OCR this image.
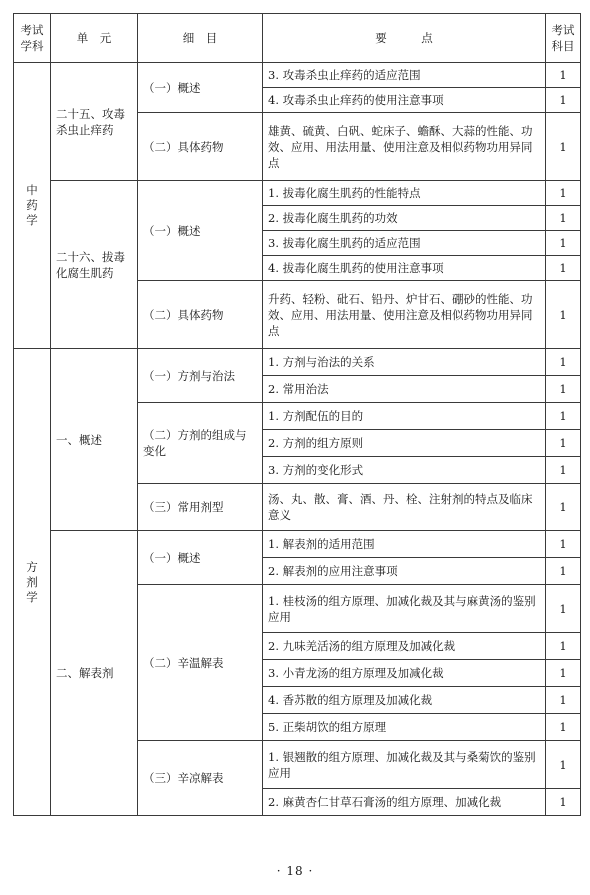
考试学科	单　元	细　目	要　　　点	考试科目

中药学	二十五、攻毒杀虫止痒药	（一）概述	3. 攻毒杀虫止痒药的适应范围	1
			4. 攻毒杀虫止痒药的使用注意事项	1
		（二）具体药物	雄黄、硫黄、白矾、蛇床子、蟾酥、大蒜的性能、功效、应用、用法用量、使用注意及相似药物功用异同点	1
	二十六、拔毒化腐生肌药	（一）概述	1. 拔毒化腐生肌药的性能特点	1
			2. 拔毒化腐生肌药的功效	1
			3. 拔毒化腐生肌药的适应范围	1
			4. 拔毒化腐生肌药的使用注意事项	1
		（二）具体药物	升药、轻粉、砒石、铅丹、炉甘石、硼砂的性能、功效、应用、用法用量、使用注意及相似药物功用异同点	1
方剂学	一、概述	（一）方剂与治法	1. 方剂与治法的关系	1
			2. 常用治法	1
		（二）方剂的组成与变化	1. 方剂配伍的目的	1
			2. 方剂的组方原则	1
			3. 方剂的变化形式	1
		（三）常用剂型	汤、丸、散、膏、酒、丹、栓、注射剂的特点及临床意义	1
	二、解表剂	（一）概述	1. 解表剂的适用范围	1
			2. 解表剂的应用注意事项	1
		（二）辛温解表	1. 桂枝汤的组方原理、加减化裁及其与麻黄汤的鉴别应用	1
			2. 九味羌活汤的组方原理及加减化裁	1
			3. 小青龙汤的组方原理及加减化裁	1
			4. 香苏散的组方原理及加减化裁	1
			5. 正柴胡饮的组方原理	1
		（三）辛凉解表	1. 银翘散的组方原理、加减化裁及其与桑菊饮的鉴别应用	1
			2. 麻黄杏仁甘草石膏汤的组方原理、加减化裁	1
· 18 ·
